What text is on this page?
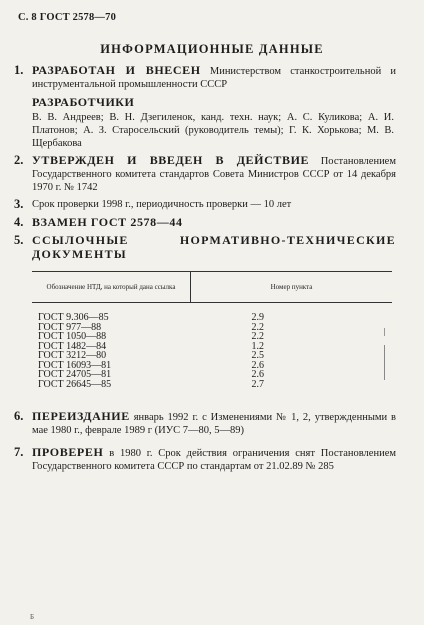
С. 8 ГОСТ 2578—70
ИНФОРМАЦИОННЫЕ ДАННЫЕ
1. РАЗРАБОТАН И ВНЕСЕН Министерством станкостроительной и инструментальной промышленности СССР
РАЗРАБОТЧИКИ
В. В. Андреев; В. Н. Дзегиленок, канд. техн. наук; А. С. Куликова; А. И. Платонов; А. З. Старосельский (руководитель темы); Г. К. Хорькова; М. В. Щербакова
2. УТВЕРЖДЕН И ВВЕДЕН В ДЕЙСТВИЕ Постановлением Государственного комитета стандартов Совета Министров СССР от 14 декабря 1970 г. № 1742
3. Срок проверки 1998 г., периодичность проверки — 10 лет
4. ВЗАМЕН ГОСТ 2578—44
5. ССЫЛОЧНЫЕ НОРМАТИВНО-ТЕХНИЧЕСКИЕ ДОКУМЕНТЫ
Обозначение НТД, на который дана ссылка	Номер пункта
ГОСТ 9.306—85	2.9
ГОСТ 977—88	2.2
ГОСТ 1050—88	2.2
ГОСТ 1482—84	1.2
ГОСТ 3212—80	2.5
ГОСТ 16093—81	2.6
ГОСТ 24705—81	2.6
ГОСТ 26645—85	2.7
6. ПЕРЕИЗДАНИЕ январь 1992 г. с Изменениями № 1, 2, утвержденными в мае 1980 г., феврале 1989 г (ИУС 7—80, 5—89)
7. ПРОВЕРЕН в 1980 г. Срок действия ограничения снят Постановлением Государственного комитета СССР по стандартам от 21.02.89 № 285
Б
